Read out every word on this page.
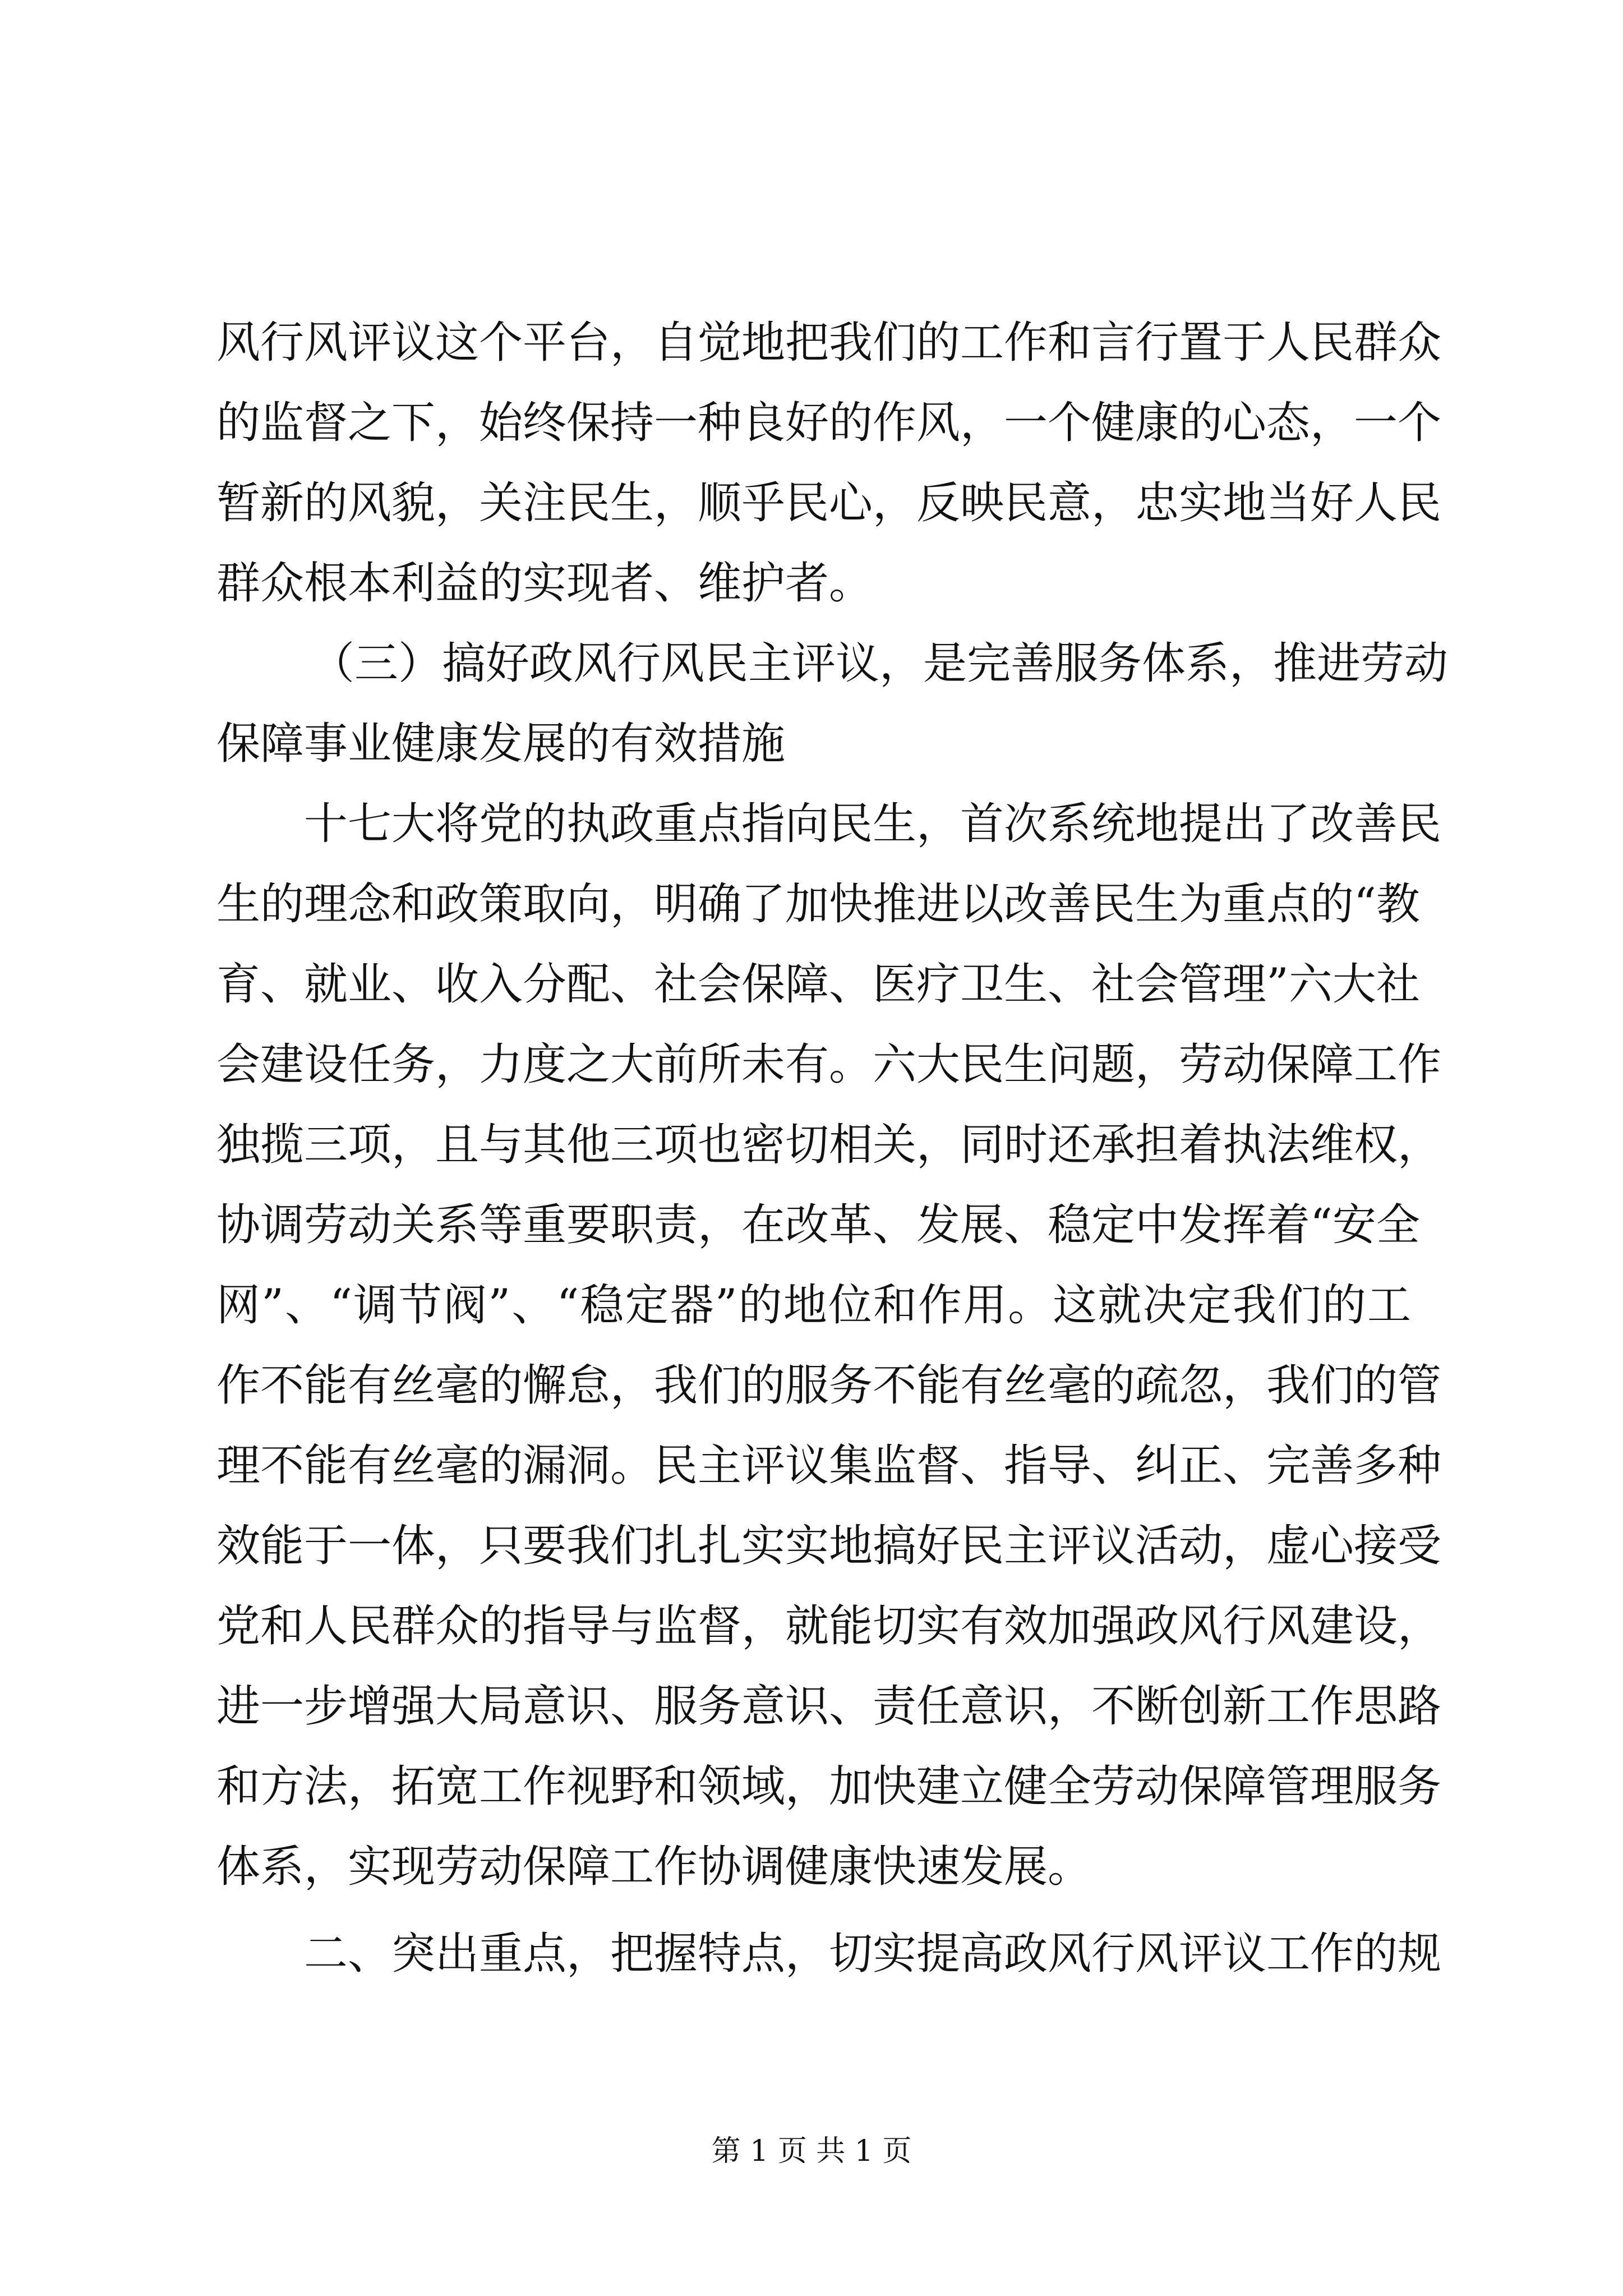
风行风评议这个平台，自觉地把我们的工作和言行置于人民群众
的监督之下，始终保持一种良好的作风，一个健康的心态，一个
暂新的风貌，关注民生，顺乎民心，反映民意，忠实地当好人民
群众根本利益的实现者、维护者。
（三）搞好政风行风民主评议，是完善服务体系，推进劳动
保障事业健康发展的有效措施
十七大将党的执政重点指向民生，首次系统地提出了改善民
生的理念和政策取向，明确了加快推进以改善民生为重点的“教
育、就业、收入分配、社会保障、医疗卫生、社会管理”六大社
会建设任务，力度之大前所未有。六大民生问题，劳动保障工作
独揽三项，且与其他三项也密切相关，同时还承担着执法维权，
协调劳动关系等重要职责，在改革、发展、稳定中发挥着“安全
网”、“调节阀”、“稳定器”的地位和作用。这就决定我们的工
作不能有丝毫的懈怠，我们的服务不能有丝毫的疏忽，我们的管
理不能有丝毫的漏洞。民主评议集监督、指导、纠正、完善多种
效能于一体，只要我们扎扎实实地搞好民主评议活动，虚心接受
党和人民群众的指导与监督，就能切实有效加强政风行风建设，
进一步增强大局意识、服务意识、责任意识，不断创新工作思路
和方法，拓宽工作视野和领域，加快建立健全劳动保障管理服务
体系，实现劳动保障工作协调健康快速发展。
二、突出重点，把握特点，切实提高政风行风评议工作的规
第 1 页 共 1 页
